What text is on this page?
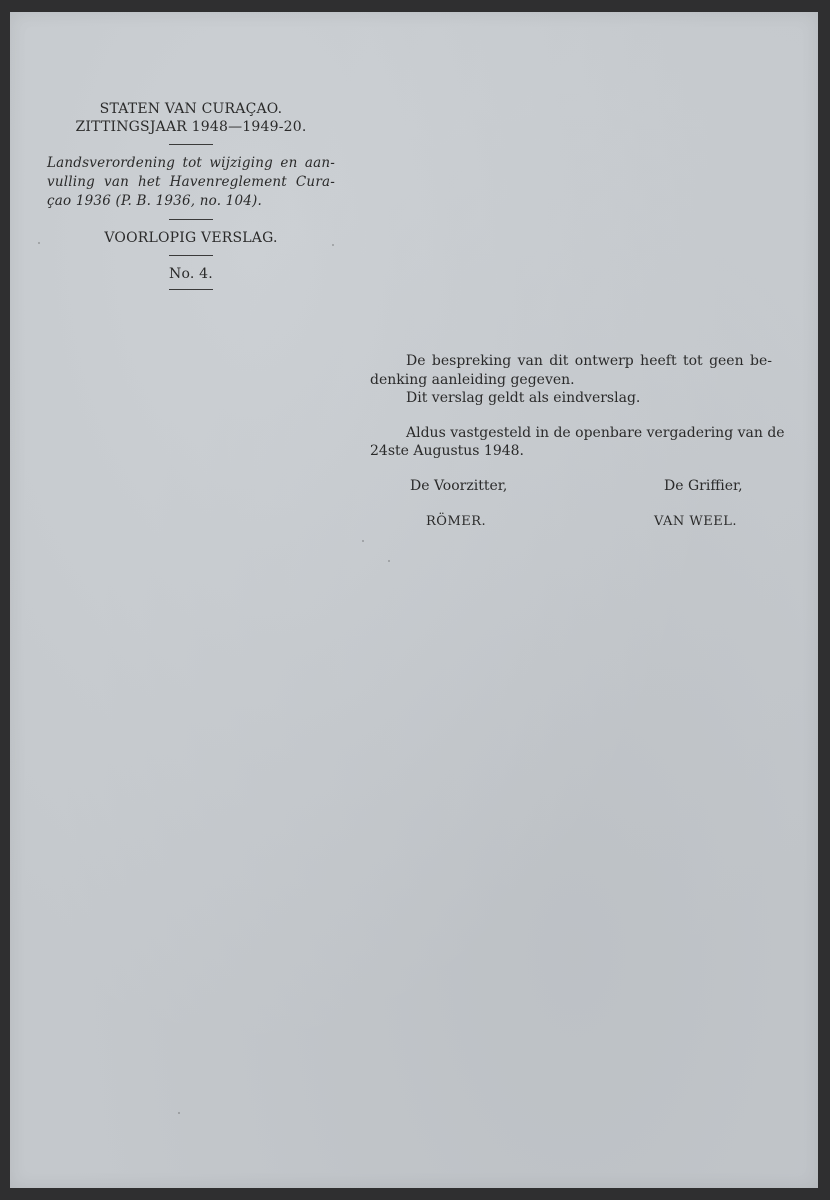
STATEN VAN CURAÇAO.
ZITTINGSJAAR 1948—1949-20.
Landsverordening tot wijziging en aan-
vulling van het Havenreglement Cura-
çao 1936 (P. B. 1936, no. 104).
VOORLOPIG VERSLAG.
No. 4.
De bespreking van dit ontwerp heeft tot geen be-
denking aanleiding gegeven.
Dit verslag geldt als eindverslag.
Aldus vastgesteld in de openbare vergadering van de
24ste Augustus 1948.
De Voorzitter,	De Griffier,
RÖMER.	VAN WEEL.
